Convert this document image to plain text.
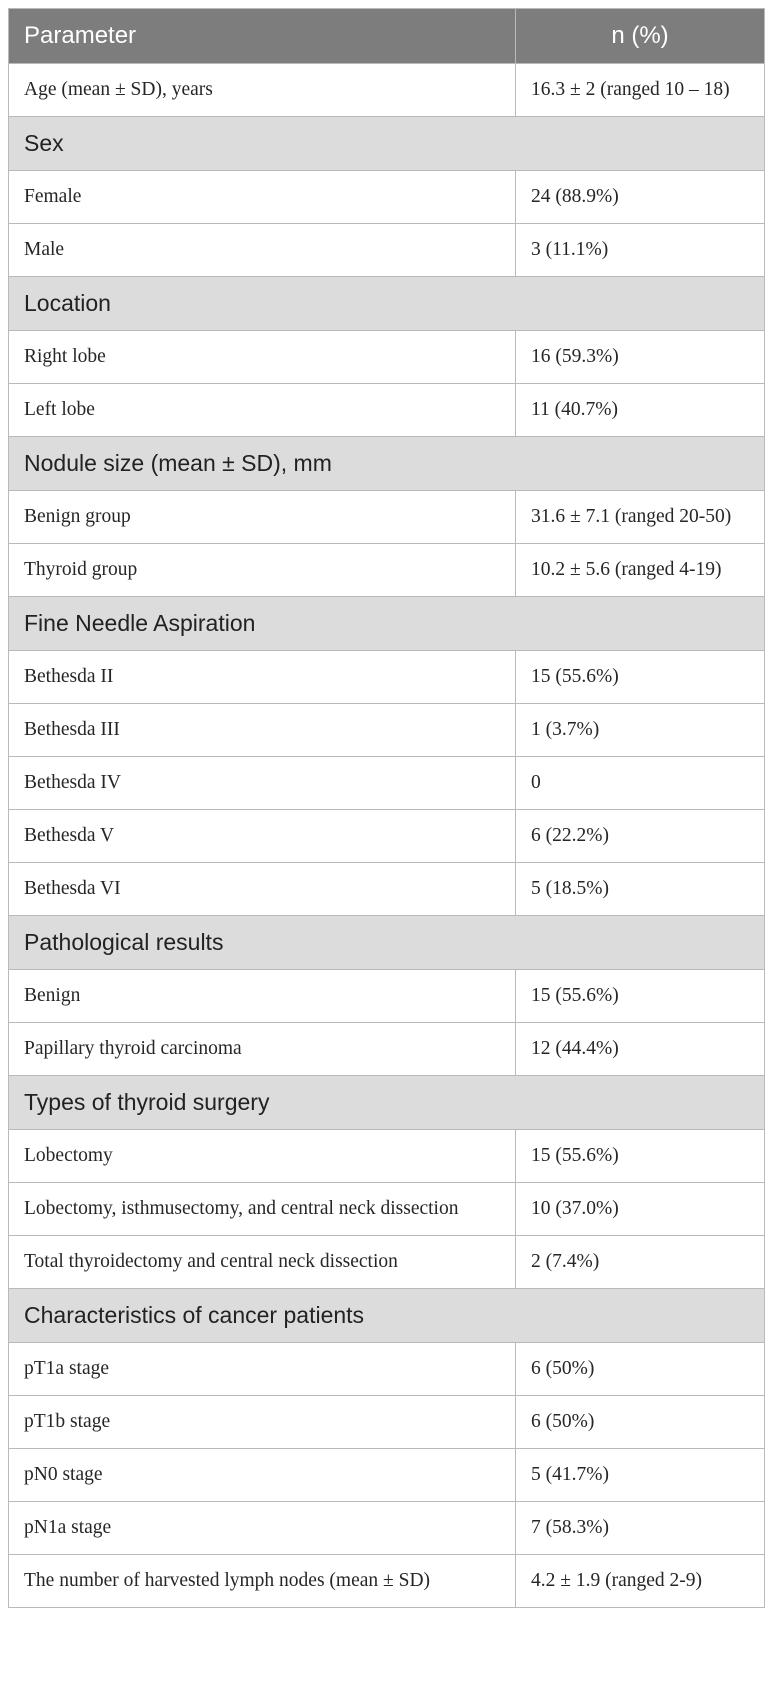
Parameter	n (%)
Age (mean ± SD), years	16.3 ± 2 (ranged 10 – 18)
Sex	
Female	24 (88.9%)
Male	3 (11.1%)
Location	
Right lobe	16 (59.3%)
Left lobe	11 (40.7%)
Nodule size (mean ± SD), mm	
Benign group	31.6 ± 7.1 (ranged 20-50)
Thyroid group	10.2 ± 5.6 (ranged 4-19)
Fine Needle Aspiration	
Bethesda II	15 (55.6%)
Bethesda III	1 (3.7%)
Bethesda IV	0
Bethesda V	6 (22.2%)
Bethesda VI	5 (18.5%)
Pathological results	
Benign	15 (55.6%)
Papillary thyroid carcinoma	12 (44.4%)
Types of thyroid surgery	
Lobectomy	15 (55.6%)
Lobectomy, isthmusectomy, and central neck dissection	10 (37.0%)
Total thyroidectomy and central neck dissection	2 (7.4%)
Characteristics of cancer patients	
pT1a stage	6 (50%)
pT1b stage	6 (50%)
pN0 stage	5 (41.7%)
pN1a stage	7 (58.3%)
The number of harvested lymph nodes (mean ± SD)	4.2 ± 1.9 (ranged 2-9)
